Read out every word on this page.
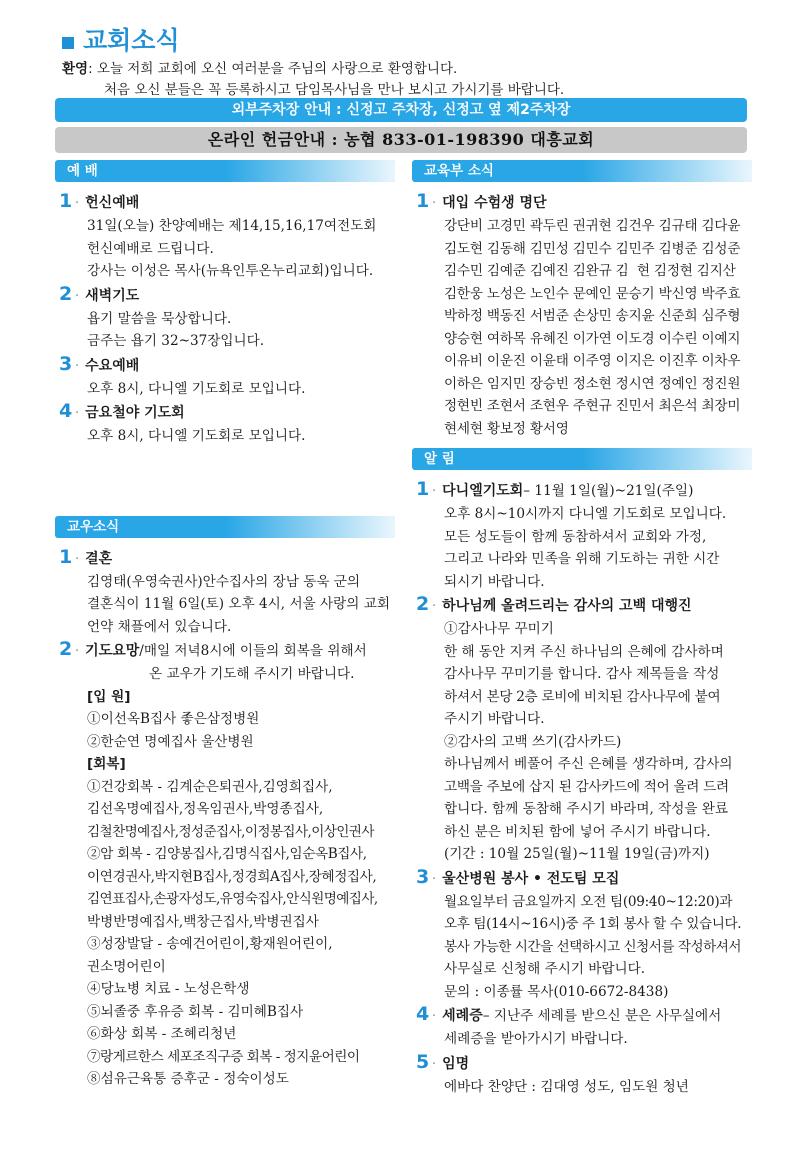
교회소식
환영: 오늘 저희 교회에 오신 여러분을 주님의 사랑으로 환영합니다.
처음 오신 분들은 꼭 등록하시고 담임목사님을 만나 보시고 가시기를 바랍니다.
외부주차장 안내 : 신정고 주차장, 신정고 옆 제2주차장
온라인 헌금안내 : 농협 833-01-198390 대흥교회
예 배
1 · 헌신예배
31일(오늘) 찬양예배는 제14,15,16,17여전도회
헌신예배로 드립니다.
강사는 이성은 목사(뉴욕인투온누리교회)입니다.
2 · 새벽기도
욥기 말씀을 묵상합니다.
금주는 욥기 32~37장입니다.
3 · 수요예배
오후 8시, 다니엘 기도회로 모입니다.
4 · 금요철야 기도회
오후 8시, 다니엘 기도회로 모입니다.
교우소식
1 · 결혼
김영태(우영숙권사)안수집사의 장남 동욱 군의
결혼식이 11월 6일(토) 오후 4시, 서울 사랑의 교회
언약 채플에서 있습니다.
2 · 기도요망 /매일 저녁8시에 이들의 회복을 위해서
온 교우가 기도해 주시기 바랍니다.
[입 원]
①이선옥B집사 좋은삼정병원
②한순연 명예집사 울산병원
[회복]
①건강회복 - 김계순은퇴권사,김영희집사,
김선옥명예집사,정옥임권사,박영종집사,
김철찬명예집사,정성준집사,이정봉집사,이상인권사
②암 회복 - 김양봉집사,김명식집사,임순옥B집사,
이연경권사,박지현B집사,정경희A집사,장혜정집사,
김연표집사,손광자성도,유영숙집사,안식원명예집사,
박병반명예집사,백창근집사,박병권집사
③성장발달 - 송예건어린이,황재원어린이,
권소명어린이
④당뇨병 치료 - 노성은학생
⑤뇌졸중 후유증 회복 - 김미혜B집사
⑥화상 회복 - 조혜리청년
⑦랑게르한스 세포조직구증 회복 - 정지윤어린이
⑧섬유근육통 증후군 - 정숙이성도
교육부 소식
1 · 대입 수험생 명단
강단비 고경민 곽두린 권귀현 김건우 김규태 김다윤
김도현 김동해 김민성 김민수 김민주 김병준 김성준
김수민 김예준 김예진 김완규 김  현 김정현 김지산
김한웅 노성은 노인수 문예인 문승기 박신영 박주효
박하정 백동진 서범준 손상민 송지윤 신준희 심주형
양승현 여하목 유혜진 이가연 이도경 이수린 이예지
이유비 이운진 이윤태 이주영 이지은 이진후 이차우
이하은 임지민 장승빈 정소현 정시연 정예인 정진원
정현빈 조현서 조현우 주현규 진민서 최은석 최장미
현세현 황보정 황서영
알 림
1 · 다니엘기도회 – 11월 1일(월)~21일(주일)
오후 8시~10시까지 다니엘 기도회로 모입니다.
모든 성도들이 함께 동참하셔서 교회와 가정,
그리고 나라와 민족을 위해 기도하는 귀한 시간
되시기 바랍니다.
2 · 하나님께 올려드리는 감사의 고백 대행진
①감사나무 꾸미기
한 해 동안 지켜 주신 하나님의 은혜에 감사하며
감사나무 꾸미기를 합니다. 감사 제목들을 작성
하셔서 본당 2층 로비에 비치된 감사나무에 붙여
주시기 바랍니다.
②감사의 고백 쓰기(감사카드)
하나님께서 베풀어 주신 은혜를 생각하며, 감사의
고백을 주보에 삽지 된 감사카드에 적어 올려 드려
합니다. 함께 동참해 주시기 바라며, 작성을 완료
하신 분은 비치된 함에 넣어 주시기 바랍니다.
(기간 : 10월 25일(월)~11월 19일(금)까지)
3 · 울산병원 봉사 • 전도팀 모집
월요일부터 금요일까지 오전 팀(09:40~12:20)과
오후 팀(14시~16시)중 주 1회 봉사 할 수 있습니다.
봉사 가능한 시간을 선택하시고 신청서를 작성하셔서
사무실로 신청해 주시기 바랍니다.
문의 : 이종률 목사(010-6672-8438)
4 · 세례증 – 지난주 세례를 받으신 분은 사무실에서
세례증을 받아가시기 바랍니다.
5 · 임명
에바다 찬양단 : 김대영 성도, 임도원 청년
